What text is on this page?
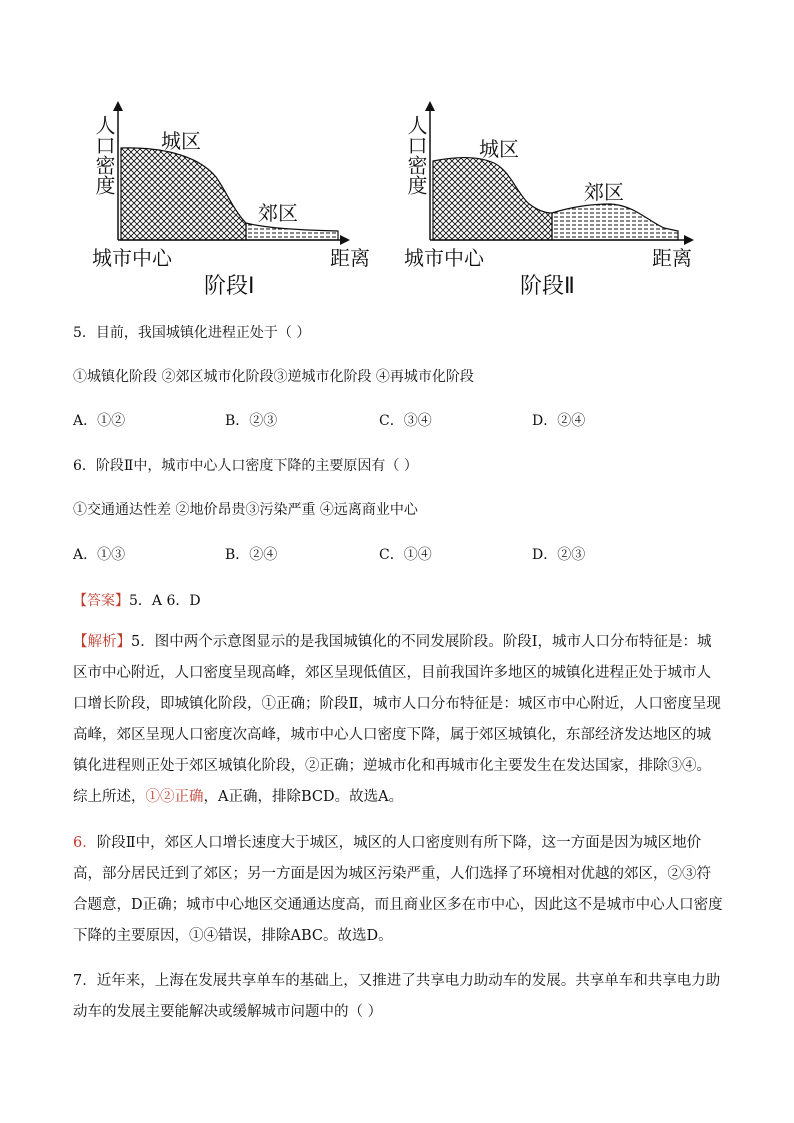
城区
郊区
城市中心	距离
阶段Ⅰ
人口密度	城区
郊区
城市中心	距离
阶段Ⅱ
人口密度
5．目前，我国城镇化进程正处于（ ）
①城镇化阶段 ②郊区城市化阶段③逆城市化阶段 ④再城市化阶段
A．①②	B．②③	C．③④	D．②④
6．阶段Ⅱ中，城市中心人口密度下降的主要原因有（ ）
①交通通达性差 ②地价昂贵③污染严重 ④远离商业中心
A．①③	B．②④	C．①④	D．②③
【答案】5．A 6．D
【解析】5．图中两个示意图显示的是我国城镇化的不同发展阶段。阶段Ⅰ，城市人口分布特征是：城区市中心附近，人口密度呈现高峰，郊区呈现低值区，目前我国许多地区的城镇化进程正处于城市人口增长阶段，即城镇化阶段，①正确；阶段Ⅱ，城市人口分布特征是：城区市中心附近，人口密度呈现高峰，郊区呈现人口密度次高峰，城市中心人口密度下降，属于郊区城镇化，东部经济发达地区的城镇化进程则正处于郊区城镇化阶段，②正确；逆城市化和再城市化主要发生在发达国家，排除③④。综上所述，①②正确，A正确，排除BCD。故选A。
6．阶段Ⅱ中，郊区人口增长速度大于城区，城区的人口密度则有所下降，这一方面是因为城区地价高，部分居民迁到了郊区；另一方面是因为城区污染严重，人们选择了环境相对优越的郊区，②③符合题意，D正确；城市中心地区交通通达度高，而且商业区多在市中心，因此这不是城市中心人口密度下降的主要原因，①④错误，排除ABC。故选D。
7．近年来，上海在发展共享单车的基础上，又推进了共享电力助动车的发展。共享单车和共享电力助动车的发展主要能解决或缓解城市问题中的（ ）
